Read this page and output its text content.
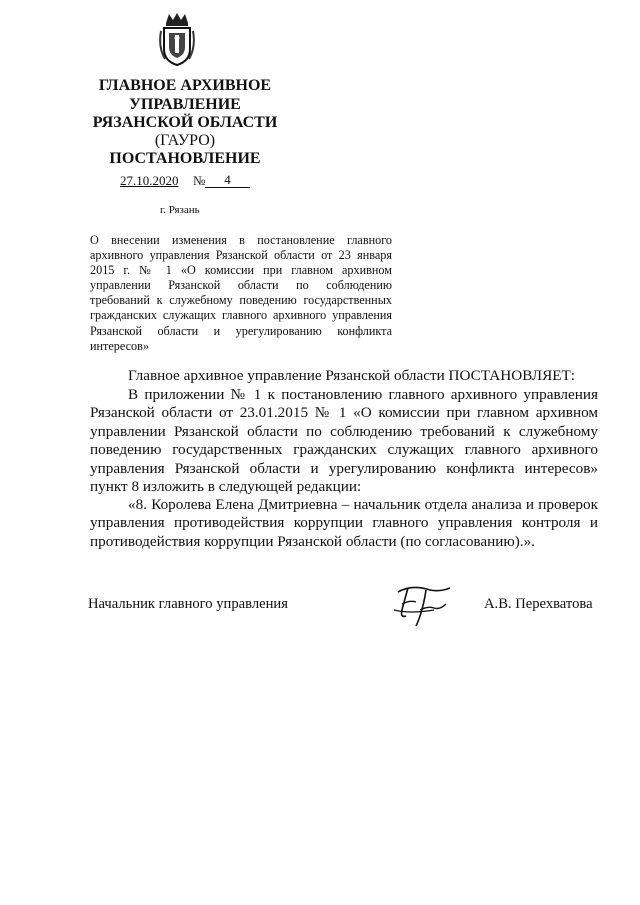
ГЛАВНОЕ АРХИВНОЕ
УПРАВЛЕНИЕ
РЯЗАНСКОЙ ОБЛАСТИ
(ГАУРО)
ПОСТАНОВЛЕНИЕ
27.10.2020 №	4
г. Рязань
О внесении изменения в постановление главного архивного управления Рязанской области от 23 января 2015 г. № 1 «О комиссии при главном архивном управлении Рязанской области по соблюдению требований к служебному поведению государственных гражданских служащих главного архивного управления Рязанской области и урегулированию конфликта интересов»
Главное архивное управление Рязанской области ПОСТАНОВЛЯЕТ:
В приложении № 1 к постановлению главного архивного управления Рязанской области от 23.01.2015 № 1 «О комиссии при главном архивном управлении Рязанской области по соблюдению требований к служебному поведению государственных гражданских служащих главного архивного управления Рязанской области и урегулированию конфликта интересов» пункт 8 изложить в следующей редакции:
«8. Королева Елена Дмитриевна – начальник отдела анализа и проверок управления противодействия коррупции главного управления контроля и противодействия коррупции Рязанской области (по согласованию).».
Начальник главного управления	А.В. Перехватова
